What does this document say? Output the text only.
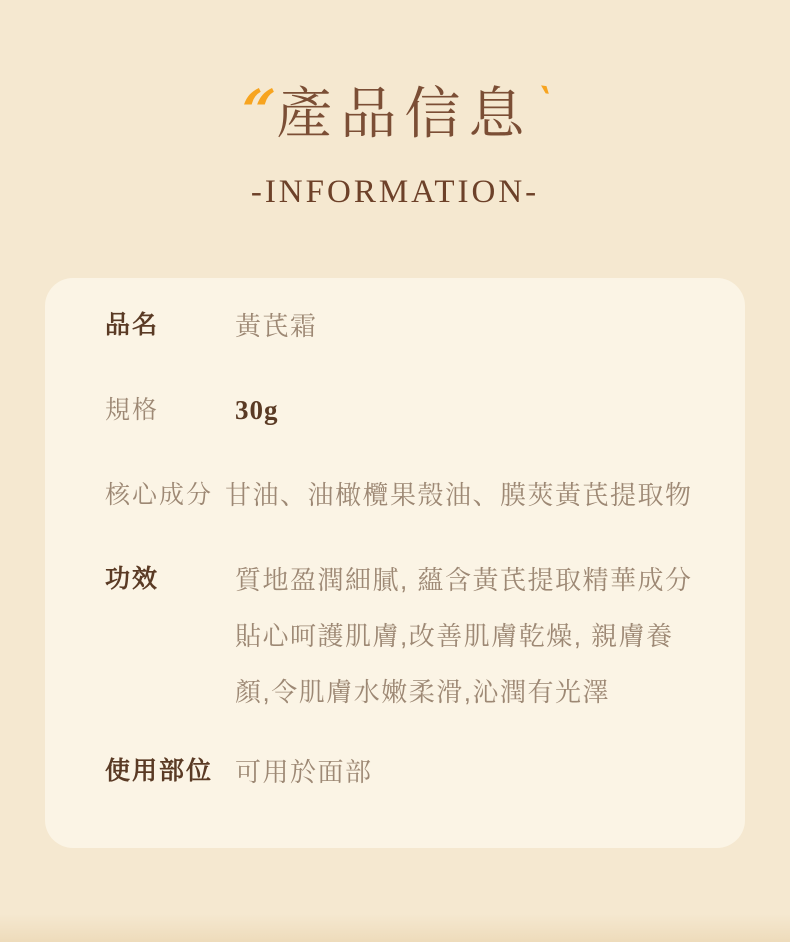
“
產品信息 ‵
-INFORMATION-
品名	黃芪霜
規格	30g
核心成分 甘油、油橄欖果殼油、膜莢黃芪提取物
功效	質地盈潤細膩, 蘊含黃芪提取精華成分
貼心呵護肌膚,改善肌膚乾燥, 親膚養
顏,令肌膚水嫩柔滑,沁潤有光澤
使用部位 可用於面部
